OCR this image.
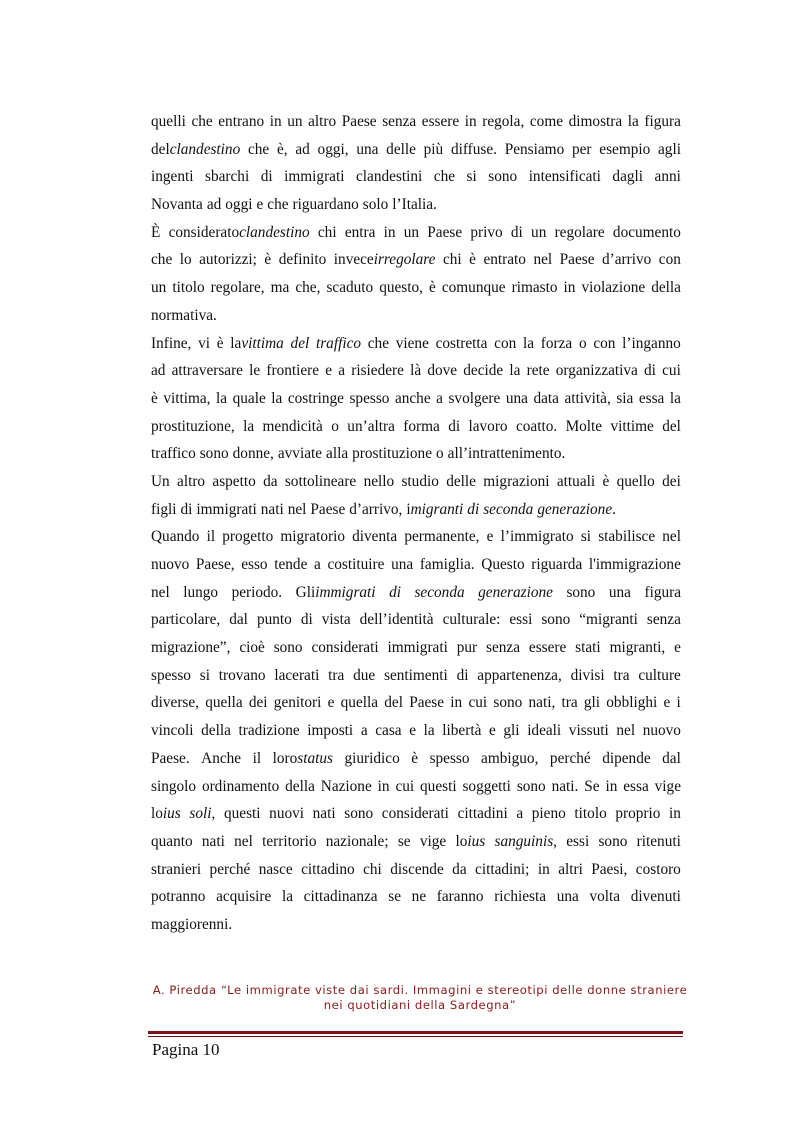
quelli che entrano in un altro Paese senza essere in regola, come dimostra la figura
delclandestino che è, ad oggi, una delle più diffuse. Pensiamo per esempio agli
ingenti sbarchi di immigrati clandestini che si sono intensificati dagli anni
Novanta ad oggi e che riguardano solo l’Italia.
È consideratoclandestino chi entra in un Paese privo di un regolare documento
che lo autorizzi; è definito inveceirregolare chi è entrato nel Paese d’arrivo con
un titolo regolare, ma che, scaduto questo, è comunque rimasto in violazione della
normativa.
Infine, vi è lavittima del traffico che viene costretta con la forza o con l’inganno
ad attraversare le frontiere e a risiedere là dove decide la rete organizzativa di cui
è vittima, la quale la costringe spesso anche a svolgere una data attività, sia essa la
prostituzione, la mendicità o un’altra forma di lavoro coatto. Molte vittime del
traffico sono donne, avviate alla prostituzione o all’intrattenimento.
Un altro aspetto da sottolineare nello studio delle migrazioni attuali è quello dei
figli di immigrati nati nel Paese d’arrivo, imigranti di seconda generazione.
Quando il progetto migratorio diventa permanente, e l’immigrato si stabilisce nel
nuovo Paese, esso tende a costituire una famiglia. Questo riguarda l'immigrazione
nel lungo periodo. Gliimmigrati di seconda generazione sono una figura
particolare, dal punto di vista dell’identità culturale: essi sono “migranti senza
migrazione”, cioè sono considerati immigrati pur senza essere stati migranti, e
spesso si trovano lacerati tra due sentimenti di appartenenza, divisi tra culture
diverse, quella dei genitori e quella del Paese in cui sono nati, tra gli obblighi e i
vincoli della tradizione imposti a casa e la libertà e gli ideali vissuti nel nuovo
Paese. Anche il lorostatus giuridico è spesso ambiguo, perché dipende dal
singolo ordinamento della Nazione in cui questi soggetti sono nati. Se in essa vige
loius soli, questi nuovi nati sono considerati cittadini a pieno titolo proprio in
quanto nati nel territorio nazionale; se vige loius sanguinis, essi sono ritenuti
stranieri perché nasce cittadino chi discende da cittadini; in altri Paesi, costoro
potranno acquisire la cittadinanza se ne faranno richiesta una volta divenuti
maggiorenni.
A. Piredda “Le immigrate viste dai sardi. Immagini e stereotipi delle donne straniere
nei quotidiani della Sardegna”
Pagina 10
